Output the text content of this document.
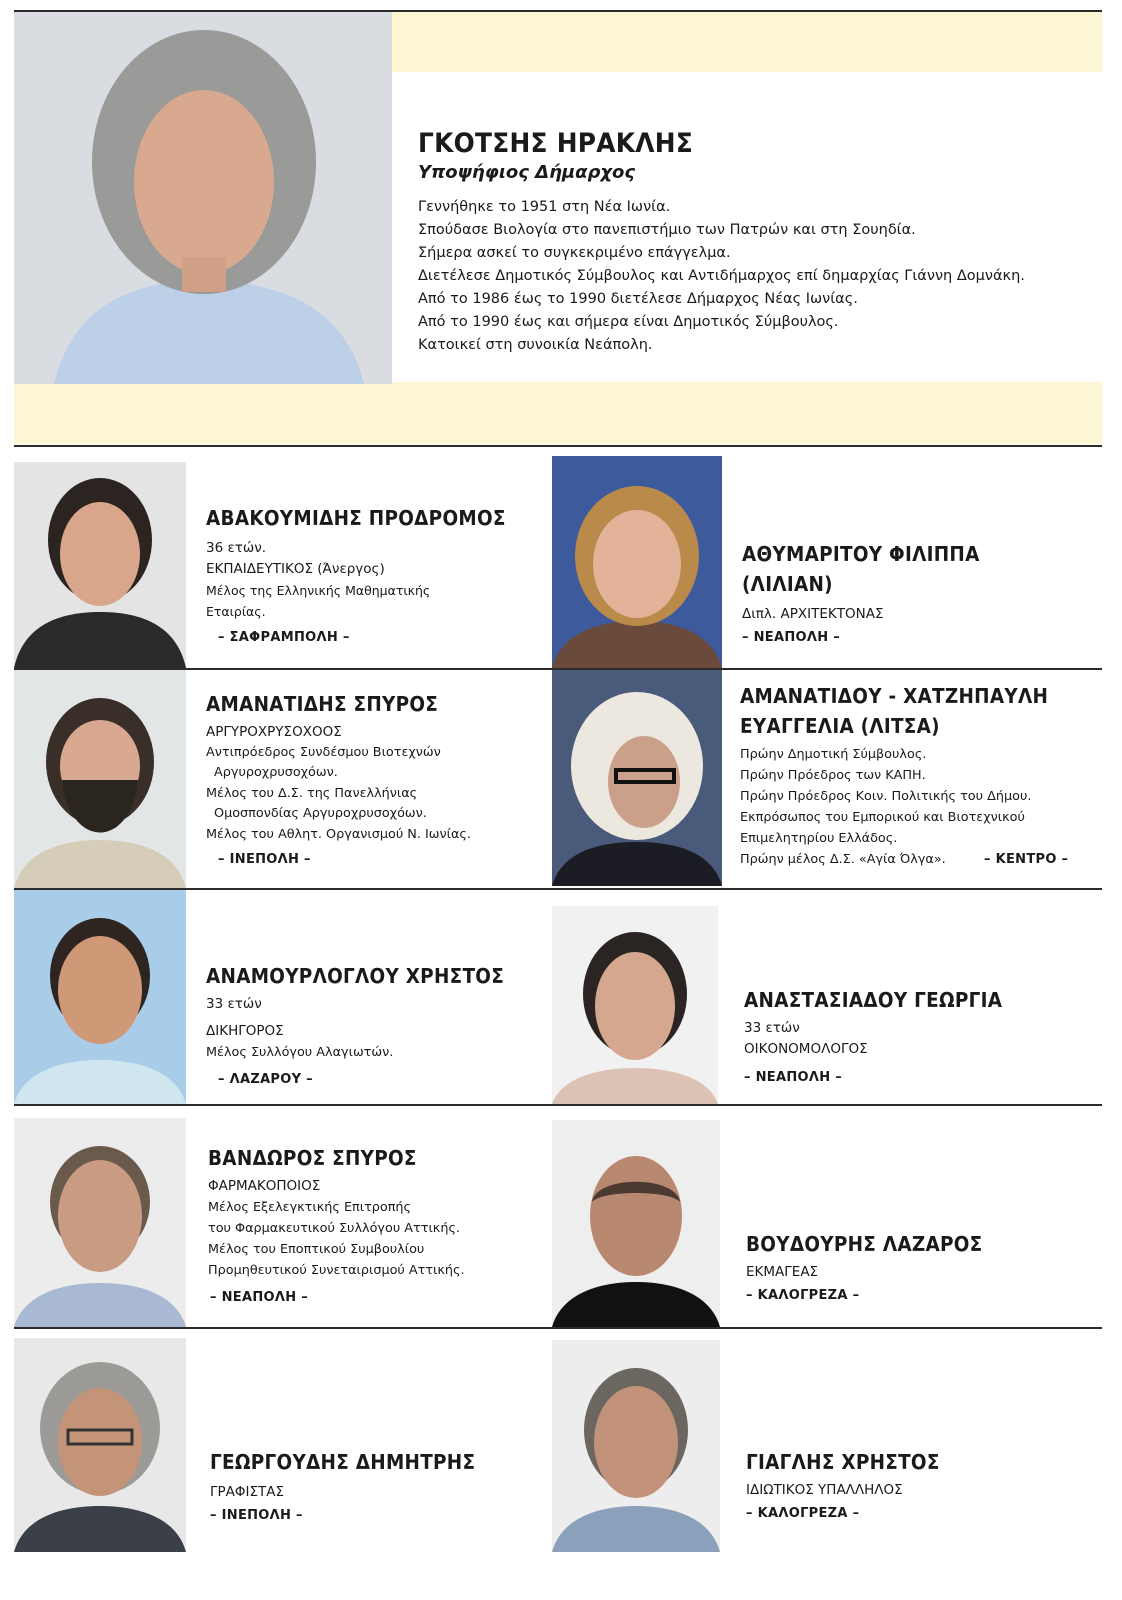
ΓΚΟΤΣΗΣ ΗΡΑΚΛΗΣ
Υποψήφιος Δήμαρχος
Γεννήθηκε το 1951 στη Νέα Ιωνία.
Σπούδασε Βιολογία στο πανεπιστήμιο των Πατρών και στη Σουηδία.
Σήμερα ασκεί το συγκεκριμένο επάγγελμα.
Διετέλεσε Δημοτικός Σύμβουλος και Αντιδήμαρχος επί δημαρχίας Γιάννη Δομνάκη.
Από το 1986 έως το 1990 διετέλεσε Δήμαρχος Νέας Ιωνίας.
Από το 1990 έως και σήμερα είναι Δημοτικός Σύμβουλος.
Κατοικεί στη συνοικία Νεάπολη.
ΑΒΑΚΟΥΜΙΔΗΣ ΠΡΟΔΡΟΜΟΣ
36 ετών.
ΕΚΠΑΙΔΕΥΤΙΚΟΣ (Άνεργος)
Μέλος της Ελληνικής Μαθηματικής
Εταιρίας.
– ΣΑΦΡΑΜΠΟΛΗ –
ΑΘΥΜΑΡΙΤΟΥ ΦΙΛΙΠΠΑ
(ΛΙΛΙΑΝ)
Διπλ. ΑΡΧΙΤΕΚΤΟΝΑΣ
– ΝΕΑΠΟΛΗ –
ΑΜΑΝΑΤΙΔΗΣ ΣΠΥΡΟΣ
ΑΡΓΥΡΟΧΡΥΣΟΧΟΟΣ
Αντιπρόεδρος Συνδέσμου Βιοτεχνών
Αργυροχρυσοχόων.
Μέλος του Δ.Σ. της Πανελλήνιας
Ομοσπονδίας Αργυροχρυσοχόων.
Μέλος του Αθλητ. Οργανισμού Ν. Ιωνίας.
– ΙΝΕΠΟΛΗ –
ΑΜΑΝΑΤΙΔΟΥ - ΧΑΤΖΗΠΑΥΛΗ
ΕΥΑΓΓΕΛΙΑ (ΛΙΤΣΑ)
Πρώην Δημοτική Σύμβουλος.
Πρώην Πρόεδρος των ΚΑΠΗ.
Πρώην Πρόεδρος Κοιν. Πολιτικής του Δήμου.
Εκπρόσωπος του Εμπορικού και Βιοτεχνικού
Επιμελητηρίου Ελλάδος.
Πρώην μέλος Δ.Σ. «Αγία Όλγα».	– ΚΕΝΤΡΟ –
ΑΝΑΜΟΥΡΛΟΓΛΟΥ ΧΡΗΣΤΟΣ
33 ετών
ΔΙΚΗΓΟΡΟΣ
Μέλος Συλλόγου Αλαγιωτών.
– ΛΑΖΑΡΟΥ –
ΑΝΑΣΤΑΣΙΑΔΟΥ ΓΕΩΡΓΙΑ
33 ετών
ΟΙΚΟΝΟΜΟΛΟΓΟΣ
– ΝΕΑΠΟΛΗ –
ΒΑΝΔΩΡΟΣ ΣΠΥΡΟΣ
ΦΑΡΜΑΚΟΠΟΙΟΣ
Μέλος Εξελεγκτικής Επιτροπής
του Φαρμακευτικού Συλλόγου Αττικής.
Μέλος του Εποπτικού Συμβουλίου
Προμηθευτικού Συνεταιρισμού Αττικής.
– ΝΕΑΠΟΛΗ –
ΒΟΥΔΟΥΡΗΣ ΛΑΖΑΡΟΣ
ΕΚΜΑΓΕΑΣ
– ΚΑΛΟΓΡΕΖΑ –
ΓΕΩΡΓΟΥΔΗΣ ΔΗΜΗΤΡΗΣ
ΓΡΑΦΙΣΤΑΣ
– ΙΝΕΠΟΛΗ –
ΓΙΑΓΛΗΣ ΧΡΗΣΤΟΣ
ΙΔΙΩΤΙΚΟΣ ΥΠΑΛΛΗΛΟΣ
– ΚΑΛΟΓΡΕΖΑ –
